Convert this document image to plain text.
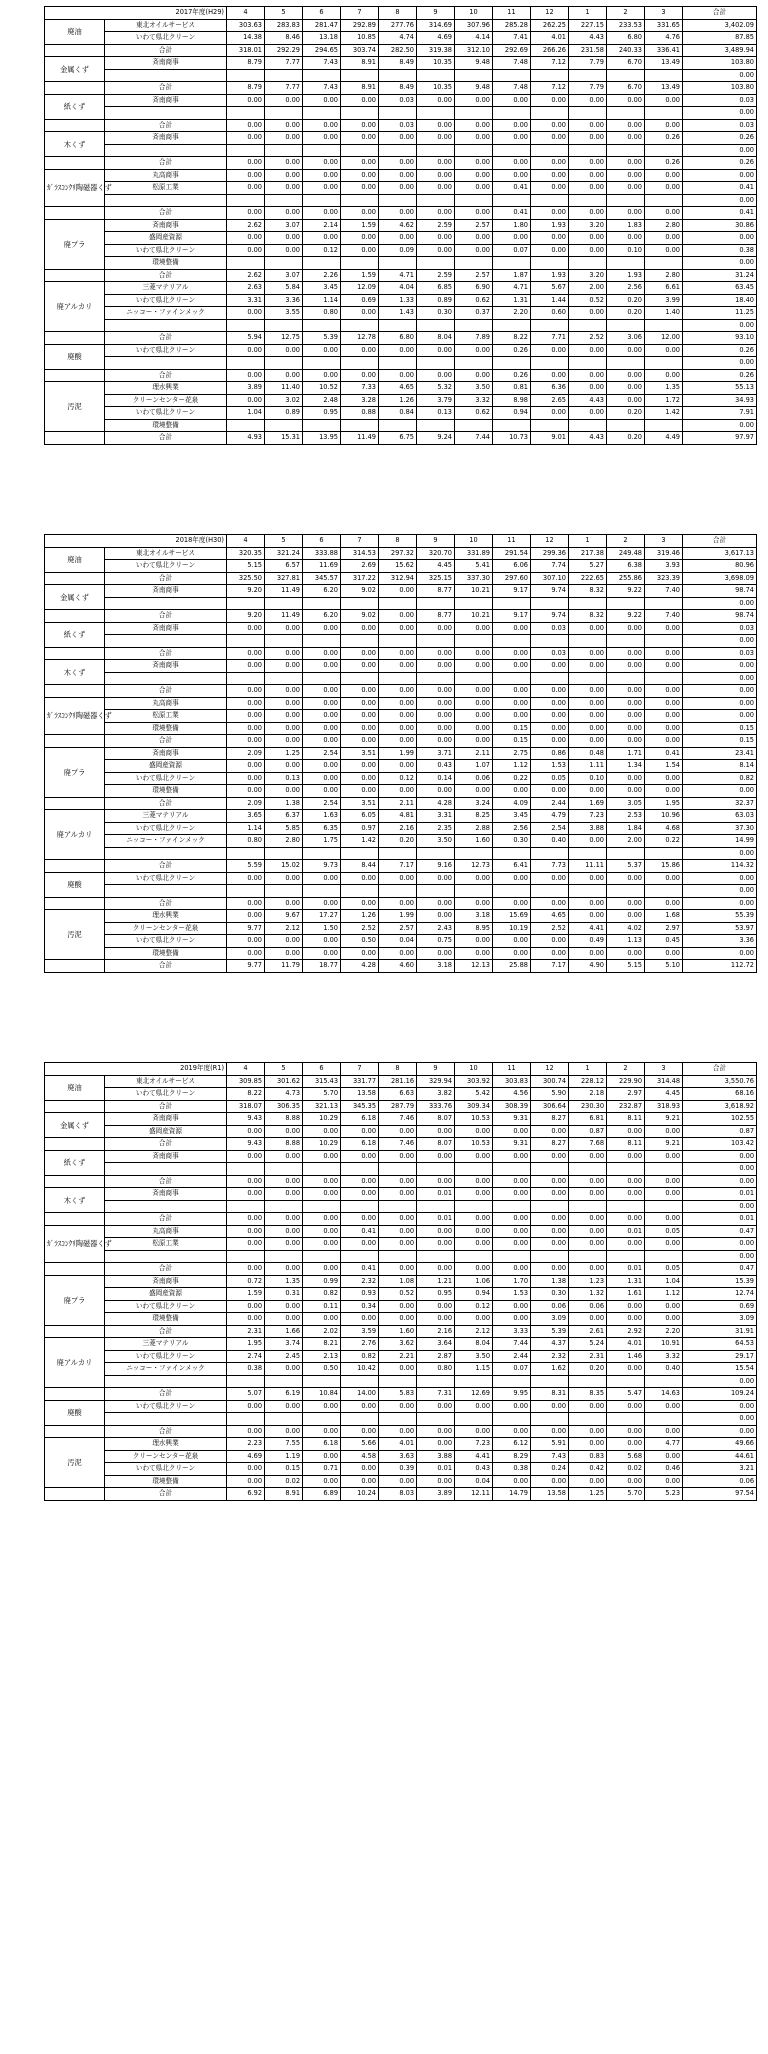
2017年度(H29)		4	5	6	7	8	9	10	11	12	1	2	3	合計
廃油	東北オイルサービス	303.63	283.83	281.47	292.89	277.76	314.69	307.96	285.28	262.25	227.15	233.53	331.65	3,402.09
	いわて県北クリーン	14.38	8.46	13.18	10.85	4.74	4.69	4.14	7.41	4.01	4.43	6.80	4.76	87.85
	合計	318.01	292.29	294.65	303.74	282.50	319.38	312.10	292.69	266.26	231.58	240.33	336.41	3,489.94
金属くず	斉南商事	8.79	7.77	7.43	8.91	8.49	10.35	9.48	7.48	7.12	7.79	6.70	13.49	103.80
														0.00
	合計	8.79	7.77	7.43	8.91	8.49	10.35	9.48	7.48	7.12	7.79	6.70	13.49	103.80
紙くず	斉南商事	0.00	0.00	0.00	0.00	0.03	0.00	0.00	0.00	0.00	0.00	0.00	0.00	0.03
														0.00
	合計	0.00	0.00	0.00	0.00	0.03	0.00	0.00	0.00	0.00	0.00	0.00	0.00	0.03
木くず	斉南商事	0.00	0.00	0.00	0.00	0.00	0.00	0.00	0.00	0.00	0.00	0.00	0.26	0.26
														0.00
	合計	0.00	0.00	0.00	0.00	0.00	0.00	0.00	0.00	0.00	0.00	0.00	0.26	0.26
ｶﾞﾗｽｺﾝｸﾘ陶磁器くず	丸高商事	0.00	0.00	0.00	0.00	0.00	0.00	0.00	0.00	0.00	0.00	0.00	0.00	0.00
	松原工業	0.00	0.00	0.00	0.00	0.00	0.00	0.00	0.41	0.00	0.00	0.00	0.00	0.41
														0.00
	合計	0.00	0.00	0.00	0.00	0.00	0.00	0.00	0.41	0.00	0.00	0.00	0.00	0.41
廃プラ	斉南商事	2.62	3.07	2.14	1.59	4.62	2.59	2.57	1.80	1.93	3.20	1.83	2.80	30.86
	盛岡産資源	0.00	0.00	0.00	0.00	0.00	0.00	0.00	0.00	0.00	0.00	0.00	0.00	0.00
	いわて県北クリーン	0.00	0.00	0.12	0.00	0.09	0.00	0.00	0.07	0.00	0.00	0.10	0.00	0.38
	環境整備													0.00
	合計	2.62	3.07	2.26	1.59	4.71	2.59	2.57	1.87	1.93	3.20	1.93	2.80	31.24
廃アルカリ	三菱マテリアル	2.63	5.84	3.45	12.09	4.04	6.85	6.90	4.71	5.67	2.00	2.56	6.61	63.45
	いわて県北クリーン	3.31	3.36	1.14	0.69	1.33	0.89	0.62	1.31	1.44	0.52	0.20	3.99	18.40
	ニッコー・ファインメック	0.00	3.55	0.80	0.00	1.43	0.30	0.37	2.20	0.60	0.00	0.20	1.40	11.25
														0.00
	合計	5.94	12.75	5.39	12.78	6.80	8.04	7.89	8.22	7.71	2.52	3.06	12.00	93.10
廃酸	いわて県北クリーン	0.00	0.00	0.00	0.00	0.00	0.00	0.00	0.26	0.00	0.00	0.00	0.00	0.26
														0.00
	合計	0.00	0.00	0.00	0.00	0.00	0.00	0.00	0.26	0.00	0.00	0.00	0.00	0.26
汚泥	理水興業	3.89	11.40	10.52	7.33	4.65	5.32	3.50	0.81	6.36	0.00	0.00	1.35	55.13
	クリーンセンター花泉	0.00	3.02	2.48	3.28	1.26	3.79	3.32	8.98	2.65	4.43	0.00	1.72	34.93
	いわて県北クリーン	1.04	0.89	0.95	0.88	0.84	0.13	0.62	0.94	0.00	0.00	0.20	1.42	7.91
	環境整備													0.00
	合計	4.93	15.31	13.95	11.49	6.75	9.24	7.44	10.73	9.01	4.43	0.20	4.49	97.97
2018年度(H30)		4	5	6	7	8	9	10	11	12	1	2	3	合計
廃油	東北オイルサービス	320.35	321.24	333.88	314.53	297.32	320.70	331.89	291.54	299.36	217.38	249.48	319.46	3,617.13
	いわて県北クリーン	5.15	6.57	11.69	2.69	15.62	4.45	5.41	6.06	7.74	5.27	6.38	3.93	80.96
	合計	325.50	327.81	345.57	317.22	312.94	325.15	337.30	297.60	307.10	222.65	255.86	323.39	3,698.09
金属くず	斉南商事	9.20	11.49	6.20	9.02	0.00	8.77	10.21	9.17	9.74	8.32	9.22	7.40	98.74
														0.00
	合計	9.20	11.49	6.20	9.02	0.00	8.77	10.21	9.17	9.74	8.32	9.22	7.40	98.74
紙くず	斉南商事	0.00	0.00	0.00	0.00	0.00	0.00	0.00	0.00	0.03	0.00	0.00	0.00	0.03
														0.00
	合計	0.00	0.00	0.00	0.00	0.00	0.00	0.00	0.00	0.03	0.00	0.00	0.00	0.03
木くず	斉南商事	0.00	0.00	0.00	0.00	0.00	0.00	0.00	0.00	0.00	0.00	0.00	0.00	0.00
														0.00
	合計	0.00	0.00	0.00	0.00	0.00	0.00	0.00	0.00	0.00	0.00	0.00	0.00	0.00
ｶﾞﾗｽｺﾝｸﾘ陶磁器くず	丸高商事	0.00	0.00	0.00	0.00	0.00	0.00	0.00	0.00	0.00	0.00	0.00	0.00	0.00
	松原工業	0.00	0.00	0.00	0.00	0.00	0.00	0.00	0.00	0.00	0.00	0.00	0.00	0.00
	環境整備	0.00	0.00	0.00	0.00	0.00	0.00	0.00	0.15	0.00	0.00	0.00	0.00	0.15
	合計	0.00	0.00	0.00	0.00	0.00	0.00	0.00	0.15	0.00	0.00	0.00	0.00	0.15
廃プラ	斉南商事	2.09	1.25	2.54	3.51	1.99	3.71	2.11	2.75	0.86	0.48	1.71	0.41	23.41
	盛岡産資源	0.00	0.00	0.00	0.00	0.00	0.43	1.07	1.12	1.53	1.11	1.34	1.54	8.14
	いわて県北クリーン	0.00	0.13	0.00	0.00	0.12	0.14	0.06	0.22	0.05	0.10	0.00	0.00	0.82
	環境整備	0.00	0.00	0.00	0.00	0.00	0.00	0.00	0.00	0.00	0.00	0.00	0.00	0.00
	合計	2.09	1.38	2.54	3.51	2.11	4.28	3.24	4.09	2.44	1.69	3.05	1.95	32.37
廃アルカリ	三菱マテリアル	3.65	6.37	1.63	6.05	4.81	3.31	8.25	3.45	4.79	7.23	2.53	10.96	63.03
	いわて県北クリーン	1.14	5.85	6.35	0.97	2.16	2.35	2.88	2.56	2.54	3.88	1.84	4.68	37.30
	ニッコー・ファインメック	0.80	2.80	1.75	1.42	0.20	3.50	1.60	0.30	0.40	0.00	2.00	0.22	14.99
														0.00
	合計	5.59	15.02	9.73	8.44	7.17	9.16	12.73	6.41	7.73	11.11	5.37	15.86	114.32
廃酸	いわて県北クリーン	0.00	0.00	0.00	0.00	0.00	0.00	0.00	0.00	0.00	0.00	0.00	0.00	0.00
														0.00
	合計	0.00	0.00	0.00	0.00	0.00	0.00	0.00	0.00	0.00	0.00	0.00	0.00	0.00
汚泥	理水興業	0.00	9.67	17.27	1.26	1.99	0.00	3.18	15.69	4.65	0.00	0.00	1.68	55.39
	クリーンセンター花泉	9.77	2.12	1.50	2.52	2.57	2.43	8.95	10.19	2.52	4.41	4.02	2.97	53.97
	いわて県北クリーン	0.00	0.00	0.00	0.50	0.04	0.75	0.00	0.00	0.00	0.49	1.13	0.45	3.36
	環境整備	0.00	0.00	0.00	0.00	0.00	0.00	0.00	0.00	0.00	0.00	0.00	0.00	0.00
	合計	9.77	11.79	18.77	4.28	4.60	3.18	12.13	25.88	7.17	4.90	5.15	5.10	112.72
2019年度(R1)		4	5	6	7	8	9	10	11	12	1	2	3	合計
廃油	東北オイルサービス	309.85	301.62	315.43	331.77	281.16	329.94	303.92	303.83	300.74	228.12	229.90	314.48	3,550.76
	いわて県北クリーン	8.22	4.73	5.70	13.58	6.63	3.82	5.42	4.56	5.90	2.18	2.97	4.45	68.16
	合計	318.07	306.35	321.13	345.35	287.79	333.76	309.34	308.39	306.64	230.30	232.87	318.93	3,618.92
金属くず	斉南商事	9.43	8.88	10.29	6.18	7.46	8.07	10.53	9.31	8.27	6.81	8.11	9.21	102.55
	盛岡産資源	0.00	0.00	0.00	0.00	0.00	0.00	0.00	0.00	0.00	0.87	0.00	0.00	0.87
	合計	9.43	8.88	10.29	6.18	7.46	8.07	10.53	9.31	8.27	7.68	8.11	9.21	103.42
紙くず	斉南商事	0.00	0.00	0.00	0.00	0.00	0.00	0.00	0.00	0.00	0.00	0.00	0.00	0.00
														0.00
	合計	0.00	0.00	0.00	0.00	0.00	0.00	0.00	0.00	0.00	0.00	0.00	0.00	0.00
木くず	斉南商事	0.00	0.00	0.00	0.00	0.00	0.01	0.00	0.00	0.00	0.00	0.00	0.00	0.01
														0.00
	合計	0.00	0.00	0.00	0.00	0.00	0.01	0.00	0.00	0.00	0.00	0.00	0.00	0.01
ｶﾞﾗｽｺﾝｸﾘ陶磁器くず	丸高商事	0.00	0.00	0.00	0.41	0.00	0.00	0.00	0.00	0.00	0.00	0.01	0.05	0.47
	松原工業	0.00	0.00	0.00	0.00	0.00	0.00	0.00	0.00	0.00	0.00	0.00	0.00	0.00
														0.00
	合計	0.00	0.00	0.00	0.41	0.00	0.00	0.00	0.00	0.00	0.00	0.01	0.05	0.47
廃プラ	斉南商事	0.72	1.35	0.99	2.32	1.08	1.21	1.06	1.70	1.38	1.23	1.31	1.04	15.39
	盛岡産資源	1.59	0.31	0.82	0.93	0.52	0.95	0.94	1.53	0.30	1.32	1.61	1.12	12.74
	いわて県北クリーン	0.00	0.00	0.11	0.34	0.00	0.00	0.12	0.00	0.06	0.06	0.00	0.00	0.69
	環境整備	0.00	0.00	0.00	0.00	0.00	0.00	0.00	0.00	3.09	0.00	0.00	0.00	3.09
	合計	2.31	1.66	2.02	3.59	1.60	2.16	2.12	3.33	5.39	2.61	2.92	2.20	31.91
廃アルカリ	三菱マテリアル	1.95	3.74	8.21	2.76	3.62	3.64	8.04	7.44	4.37	5.24	4.01	10.91	64.53
	いわて県北クリーン	2.74	2.45	2.13	0.82	2.21	2.87	3.50	2.44	2.32	2.31	1.46	3.32	29.17
	ニッコー・ファインメック	0.38	0.00	0.50	10.42	0.00	0.80	1.15	0.07	1.62	0.20	0.00	0.40	15.54
														0.00
	合計	5.07	6.19	10.84	14.00	5.83	7.31	12.69	9.95	8.31	8.35	5.47	14.63	109.24
廃酸	いわて県北クリーン	0.00	0.00	0.00	0.00	0.00	0.00	0.00	0.00	0.00	0.00	0.00	0.00	0.00
														0.00
	合計	0.00	0.00	0.00	0.00	0.00	0.00	0.00	0.00	0.00	0.00	0.00	0.00	0.00
汚泥	理水興業	2.23	7.55	6.18	5.66	4.01	0.00	7.23	6.12	5.91	0.00	0.00	4.77	49.66
	クリーンセンター花泉	4.69	1.19	0.00	4.58	3.63	3.88	4.41	8.29	7.43	0.83	5.68	0.00	44.61
	いわて県北クリーン	0.00	0.15	0.71	0.00	0.39	0.01	0.43	0.38	0.24	0.42	0.02	0.46	3.21
	環境整備	0.00	0.02	0.00	0.00	0.00	0.00	0.04	0.00	0.00	0.00	0.00	0.00	0.06
	合計	6.92	8.91	6.89	10.24	8.03	3.89	12.11	14.79	13.58	1.25	5.70	5.23	97.54
